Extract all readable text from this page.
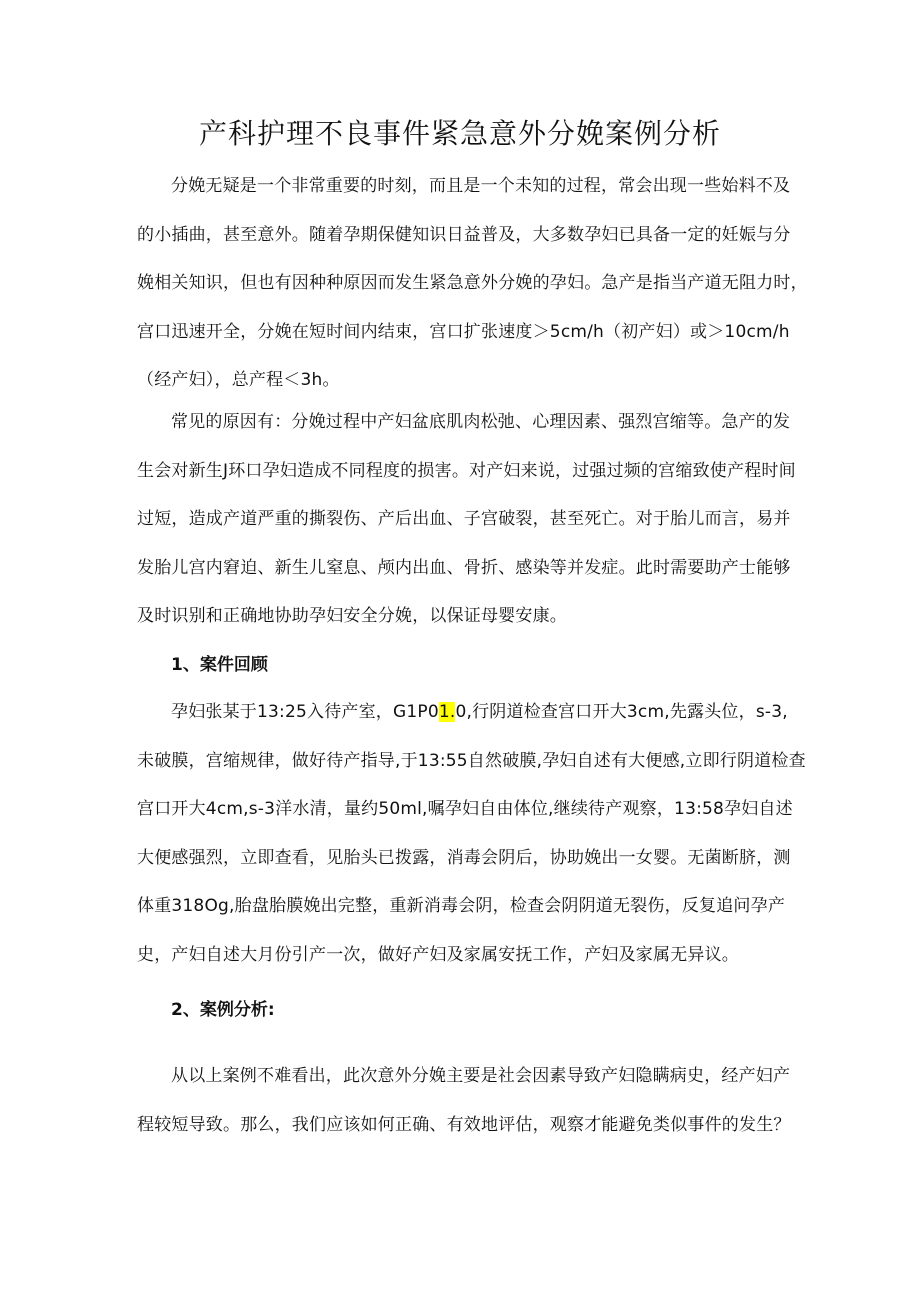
产科护理不良事件紧急意外分娩案例分析
分娩无疑是一个非常重要的时刻，而且是一个未知的过程，常会出现一些始料不及
的小插曲，甚至意外。随着孕期保健知识日益普及，大多数孕妇已具备一定的妊娠与分
娩相关知识，但也有因种种原因而发生紧急意外分娩的孕妇。急产是指当产道无阻力时，
宫口迅速开全，分娩在短时间内结束，宫口扩张速度＞5cm/h（初产妇）或＞10cm/h
（经产妇），总产程＜3h。
常见的原因有：分娩过程中产妇盆底肌肉松弛、心理因素、强烈宫缩等。急产的发
生会对新生J环口孕妇造成不同程度的损害。对产妇来说，过强过频的宫缩致使产程时间
过短，造成产道严重的撕裂伤、产后出血、子宫破裂，甚至死亡。对于胎儿而言，易并
发胎儿宫内窘迫、新生儿窒息、颅内出血、骨折、感染等并发症。此时需要助产士能够
及时识别和正确地协助孕妇安全分娩，以保证母婴安康。
1、案件回顾
孕妇张某于13:25入待产室，G1P01.0,行阴道检查宫口开大3cm,先露头位，s-3,
未破膜，宫缩规律，做好待产指导,于13:55自然破膜,孕妇自述有大便感,立即行阴道检查
宫口开大4cm,s-3洋水清，量约50ml,嘱孕妇自由体位,继续待产观察，13:58孕妇自述
大便感强烈，立即查看，见胎头已拨露，消毒会阴后，协助娩出一女婴。无菌断脐，测
体重318Og,胎盘胎膜娩出完整，重新消毒会阴，检查会阴阴道无裂伤，反复追问孕产
史，产妇自述大月份引产一次，做好产妇及家属安抚工作，产妇及家属无异议。
2、案例分析:
从以上案例不难看出，此次意外分娩主要是社会因素导致产妇隐瞒病史，经产妇产
程较短导致。那么，我们应该如何正确、有效地评估，观察才能避免类似事件的发生？
